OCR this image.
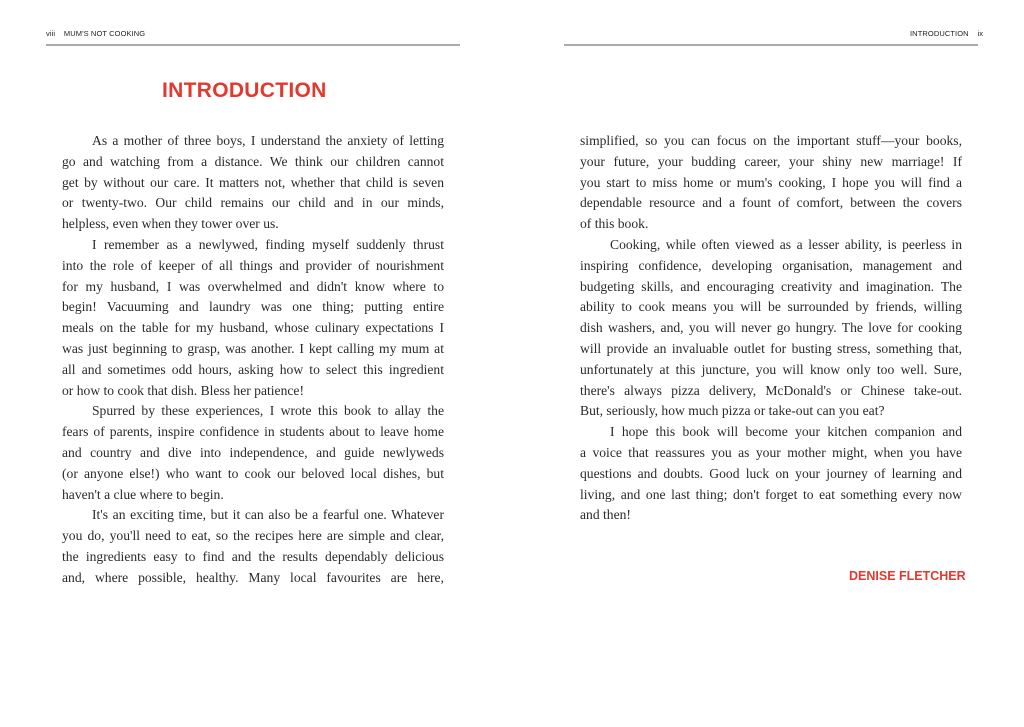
viii MUM'S NOT COOKING
INTRODUCTION
As a mother of three boys, I understand the anxiety of letting
go and watching from a distance. We think our children cannot
get by without our care. It matters not, whether that child is seven
or twenty-two. Our child remains our child and in our minds,
helpless, even when they tower over us.
I remember as a newlywed, finding myself suddenly thrust
into the role of keeper of all things and provider of nourishment
for my husband, I was overwhelmed and didn't know where to
begin! Vacuuming and laundry was one thing; putting entire
meals on the table for my husband, whose culinary expectations I
was just beginning to grasp, was another. I kept calling my mum at
all and sometimes odd hours, asking how to select this ingredient
or how to cook that dish. Bless her patience!
Spurred by these experiences, I wrote this book to allay the
fears of parents, inspire confidence in students about to leave home
and country and dive into independence, and guide newlyweds
(or anyone else!) who want to cook our beloved local dishes, but
haven't a clue where to begin.
It's an exciting time, but it can also be a fearful one. Whatever
you do, you'll need to eat, so the recipes here are simple and clear,
the ingredients easy to find and the results dependably delicious
and, where possible, healthy. Many local favourites are here,
INTRODUCTION ix
simplified, so you can focus on the important stuff—your books,
your future, your budding career, your shiny new marriage! If
you start to miss home or mum's cooking, I hope you will find a
dependable resource and a fount of comfort, between the covers
of this book.
Cooking, while often viewed as a lesser ability, is peerless in
inspiring confidence, developing organisation, management and
budgeting skills, and encouraging creativity and imagination. The
ability to cook means you will be surrounded by friends, willing
dish washers, and, you will never go hungry. The love for cooking
will provide an invaluable outlet for busting stress, something that,
unfortunately at this juncture, you will know only too well. Sure,
there's always pizza delivery, McDonald's or Chinese take-out.
But, seriously, how much pizza or take-out can you eat?
I hope this book will become your kitchen companion and
a voice that reassures you as your mother might, when you have
questions and doubts. Good luck on your journey of learning and
living, and one last thing; don't forget to eat something every now
and then!
DENISE FLETCHER
